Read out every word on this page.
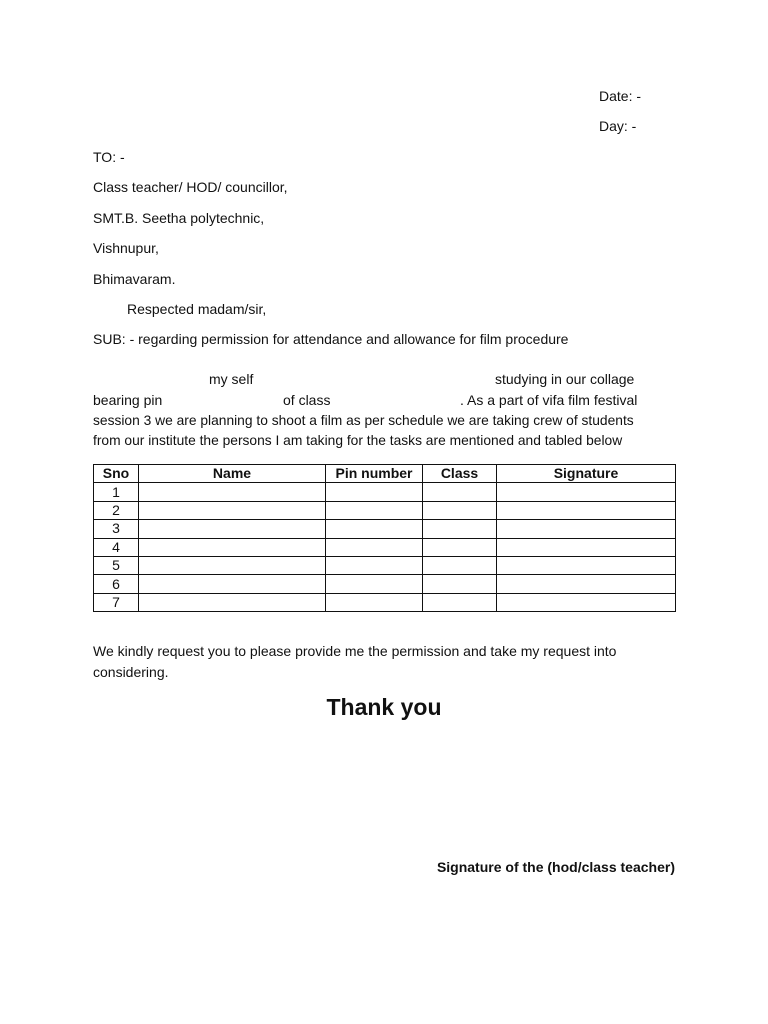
Date: -
Day: -
TO: -
Class teacher/ HOD/ councillor,
SMT.B. Seetha polytechnic,
Vishnupur,
Bhimavaram.
Respected madam/sir,
SUB: - regarding permission for attendance and allowance for film procedure
my self	studying in our collage
bearing pin	of class	. As a part of vifa film festival
session 3 we are planning to shoot a film as per schedule we are taking crew of students
from our institute the persons I am taking for the tasks are mentioned and tabled below
Sno	Name	Pin number	Class	Signature
1				
2				
3				
4				
5				
6				
7				
We kindly request you to please provide me the permission and take my request into considering.
Thank you
Signature of the (hod/class teacher)
